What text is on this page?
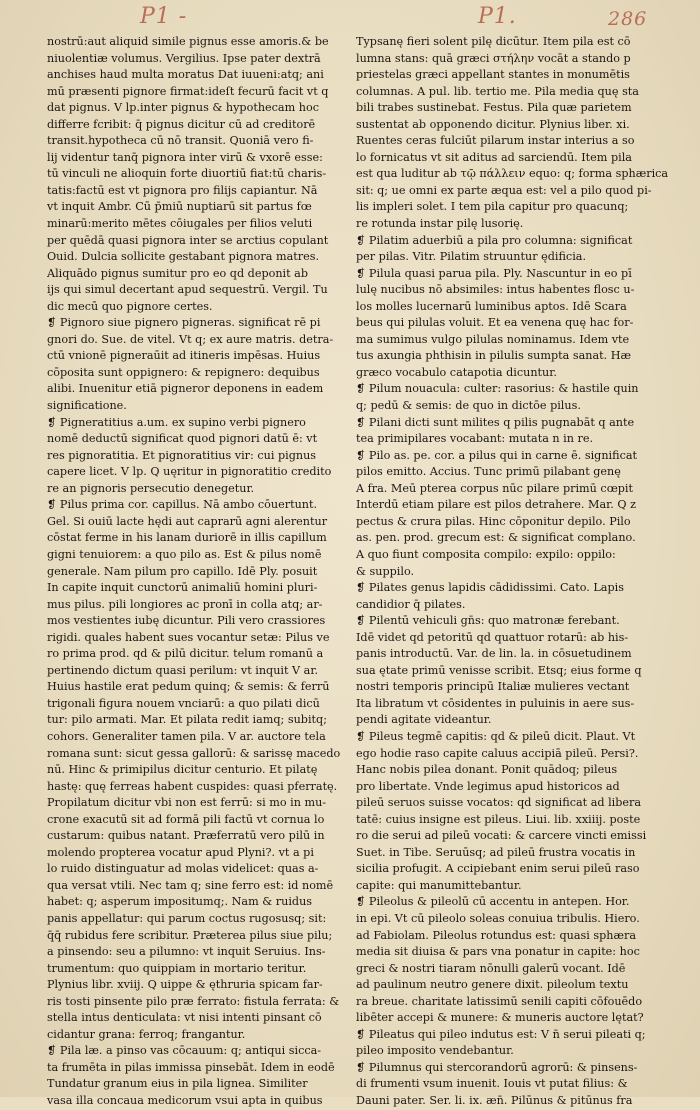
P1 -	P1.	286
nostrū:aut aliquid simile pignus esse amoris.& be
niuolentiæ volumus. Vergilius. Ipse pater dextrā
anchises haud multa moratus Dat iuueni:atq; ani
mū præsenti pignore firmat:ideſt fecurū facit vt q
dat pignus. V lp.inter pignus & hypothecam hoc
differre fcribit: q̄ pignus dicitur cū ad creditorē
transit.hypotheca cū nō transit. Quoniā vero fi-
lij videntur tanq̄ pignora inter virū & vxorē esse:
tū vinculi ne alioquin forte diuortiū fiat:tū charis-
tatis:factū est vt pignora pro filijs capiantur. Nā
vt inquit Ambr. Cū p̄miū nuptiarū sit partus fœ
minarū:merito mētes cōiugales per filios veluti
per quēdā quasi pignora inter se arctius copulant
Ouid. Dulcia sollicite gestabant pignora matres.
Aliquādo pignus sumitur pro eo qd deponit ab
ijs qui simul decertant apud sequestrū. Vergil. Tu
dic mecū quo pignore certes.
❡ Pignoro siue pignero pigneras. significat rē pi
gnori do. Sue. de vitel. Vt q; ex aure matris. detra-
ctū vnionē pigneraūit ad itineris impēsas. Huius
cōposita sunt oppignero: & repignero: dequibus
alibi. Inuenitur etiā pigneror deponens in eadem
significatione.
❡ Pigneratitius a.um. ex supino verbi pignero
nomē deductū significat quod pignori datū ē: vt
res pignoratitia. Et pignoratitius vir: cui pignus
capere licet. V lp. Q uęritur in pignoratitio credito
re an pignoris persecutio denegetur.
❡ Pilus prima cor. capillus. Nā ambo cōuertunt.
Gel. Si ouiū lacte hędi aut caprarū agni alerentur
cōstat ferme in his lanam duriorē in illis capillum
gigni tenuiorem: a quo pilo as. Est & pilus nomē
generale. Nam pilum pro capillo. Idē Ply. posuit
In capite inquit cunctorū animaliū homini pluri-
mus pilus. pili longiores ac pronī in colla atq; ar-
mos vestientes iubę dicuntur. Pili vero crassiores
rigidi. quales habent sues vocantur setæ: Pilus ve
ro prima prod. qd & pilū dicitur. telum romanū a
pertinendo dictum quasi perilum: vt inquit V ar.
Huius hastile erat pedum quinq; & semis: & ferrū
trigonali figura nouem vnciarū: a quo pilati dicū
tur: pilo armati. Mar. Et pilata redit iamq; subitq;
cohors. Generaliter tamen pila. V ar. auctore tela
romana sunt: sicut gessa gallorū: & sarissę macedo
nū. Hinc & primipilus dicitur centurio. Et pilatę
hastę: quę ferreas habent cuspides: quasi pferratę.
Propilatum dicitur vbi non est ferrū: si mo in mu-
crone exacutū sit ad formā pili factū vt cornua lo
custarum: quibus natant. Præferratū vero pilū in
molendo propterea vocatur apud Plyni?. vt a pi
lo ruido distinguatur ad molas videlicet: quas a-
qua versat vtili. Nec tam q; sine ferro est: id nomē
habet: q; asperum impositumq;. Nam & ruidus
panis appellatur: qui parum coctus rugosusq; sit:
q̄q̄ rubidus fere scribitur. Præterea pilus siue pilu;
a pinsendo: seu a pilumno: vt inquit Seruius. Ins-
trumentum: quo quippiam in mortario teritur.
Plynius libr. xviij. Q uippe & ęthruria spicam far-
ris tosti pinsente pilo præ ferrato: fistula ferrata: &
stella intus denticulata: vt nisi intenti pinsant cō
cidantur grana: ferroq; frangantur.
❡ Pila læ. a pinso vas cōcauum: q; antiqui sicca-
ta frumēta in pilas immissa pinsebāt. Idem in eodē
Tundatur granum eius in pila lignea. Similiter
vasa illa concaua medicorum vsui apta in quibus
Typsanę fieri solent pilę dicūtur. Item pila est cō
lumna stans: quā græci στήλην vocāt a stando p
priestelas græci appellant stantes in monumētis
columnas. A pul. lib. tertio me. Pila media quę sta
bili trabes sustinebat. Festus. Pila quæ parietem
sustentat ab opponendo dicitur. Plynius liber. xi.
Ruentes ceras fulciūt pilarum instar interius a so
lo fornicatus vt sit aditus ad sarciendū. Item pila
est qua luditur ab τῷ πάλλειν equo: q; forma sphærica
sit: q; ue omni ex parte æqua est: vel a pilo quod pi-
lis impleri solet. I tem pila capitur pro quacunq;
re rotunda instar pilę lusorię.
❡ Pilatim aduerbiū a pila pro columna: significat
per pilas. Vitr. Pilatim struuntur ędificia.
❡ Pilula quasi parua pila. Ply. Nascuntur in eo pī
lulę nucibus nō absimiles: intus habentes flosc u-
los molles lucernarū luminibus aptos. Idē Scara
beus qui pilulas voluit. Et ea venena quę hac for-
ma sumimus vulgo pilulas nominamus. Idem vte
tus axungia phthisin in pilulis sumpta sanat. Hæ
græco vocabulo catapotia dicuntur.
❡ Pilum nouacula: culter: rasorius: & hastile quin
q; pedū & semis: de quo in dictōe pilus.
❡ Pilani dicti sunt milites q pilis pugnabāt q ante
tea primipilares vocabant: mutata n in re.
❡ Pilo as. pe. cor. a pilus qui in carne ē. significat
pilos emitto. Accius. Tunc primū pilabant genę
A fra. Meū pterea corpus nūc pilare primū cœpit
Interdū etiam pilare est pilos detrahere. Mar. Q z
pectus & crura pilas. Hinc cōponitur depilo. Pilo
as. pen. prod. grecum est: & significat complano.
A quo fiunt composita compilo: expilo: oppilo:
& suppilo.
❡ Pilates genus lapidis cādidissimi. Cato. Lapis
candidior q̄ pilates.
❡ Pilentū vehiculi gn̄s: quo matronæ ferebant.
Idē videt qd petoritū qd quattuor rotarū: ab his-
panis introductū. Var. de lin. la. in cōsuetudinem
sua ętate primū venisse scribit. Etsq; eius forme q
nostri temporis principū Italiæ mulieres vectant
Ita libratum vt cōsidentes in puluinis in aere sus-
pendi agitate videantur.
❡ Pileus tegmē capitis: qd & pileū dicit. Plaut. Vt
ego hodie raso capite caluus accipiā pileū. Persi?.
Hanc nobis pilea donant. Ponit quādoq; pileus
pro libertate. Vnde legimus apud historicos ad
pileū seruos suisse vocatos: qd significat ad libera
tatē: cuius insigne est pileus. Liui. lib. xxiiij. poste
ro die serui ad pileū vocati: & carcere vincti emissi
Suet. in Tibe. Seruūsq; ad pileū frustra vocatis in
sicilia profugit. A ccipiebant enim serui pileū raso
capite: qui manumittebantur.
❡ Pileolus & pileolū cū accentu in antepen. Hor.
in epi. Vt cū pileolo soleas conuiua tribulis. Hiero.
ad Fabiolam. Pileolus rotundus est: quasi sphæra
media sit diuisa & pars vna ponatur in capite: hoc
greci & nostri tiaram nōnulli galerū vocant. Idē
ad paulinum neutro genere dixit. pileolum textu
ra breue. charitate latissimū senili capiti cōfouēdo
libēter accepi & munere: & muneris auctore lętat?
❡ Pileatus qui pileo indutus est: V n̄ serui pileati q;
pileo imposito vendebantur.
❡ Pilumnus qui stercorandorū agrorū: & pinsens-
di frumenti vsum inuenit. Iouis vt putat filius: &
Dauni pater. Ser. li. ix. æn̄. Pilūnus & pitūnus fra
